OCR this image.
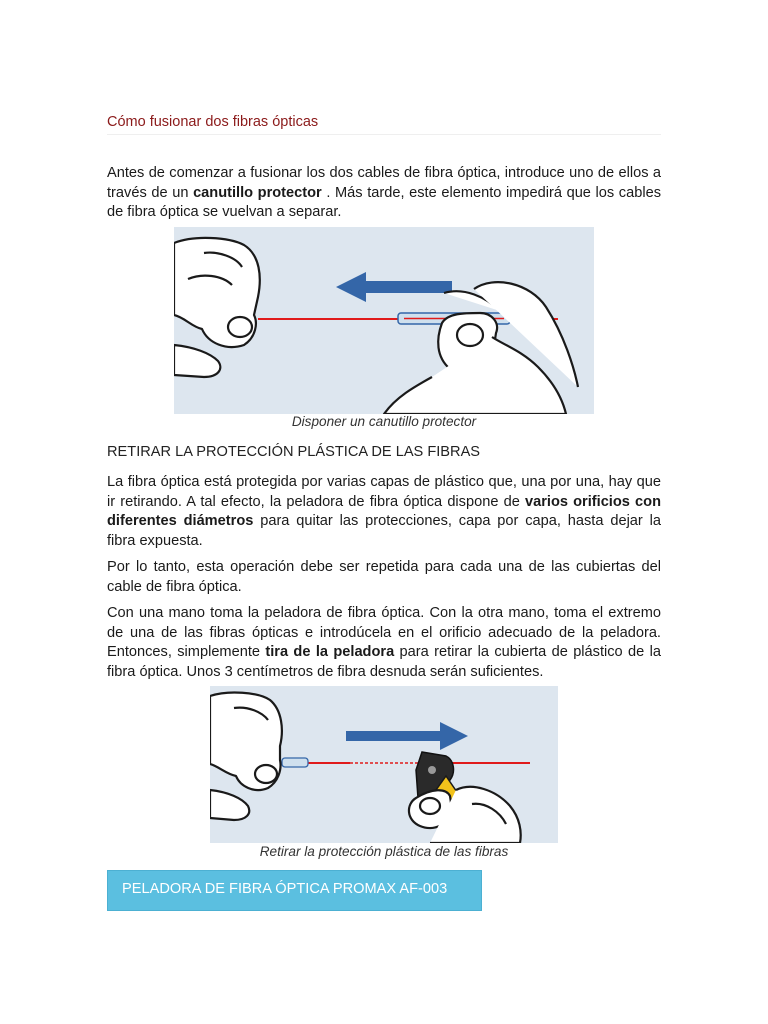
Cómo fusionar dos fibras ópticas

Antes de comenzar a fusionar los dos cables de fibra óptica, introduce uno de ellos a través de un canutillo protector . Más tarde, este elemento impedirá que los cables de fibra óptica se vuelvan a separar.

RETIRAR LA PROTECCIÓN PLÁSTICA DE LAS FIBRAS

La fibra óptica está protegida por varias capas de plástico que, una por una, hay que ir retirando. A tal efecto, la peladora de fibra óptica dispone de varios orificios con diferentes diámetros para quitar las protecciones, capa por capa, hasta dejar la fibra expuesta.

Por lo tanto, esta operación debe ser repetida para cada una de las cubiertas del cable de fibra óptica.

Con una mano toma la peladora de fibra óptica. Con la otra mano, toma el extremo de una de las fibras ópticas e introdúcela en el orificio adecuado de la peladora. Entonces, simplemente tira de la peladora para retirar la cubierta de plástico de la fibra óptica. Unos 3 centímetros de fibra desnuda serán suficientes.

Disponer un canutillo protector
Retirar la protección plástica de las fibras
PELADORA DE FIBRA ÓPTICA PROMAX AF-003
